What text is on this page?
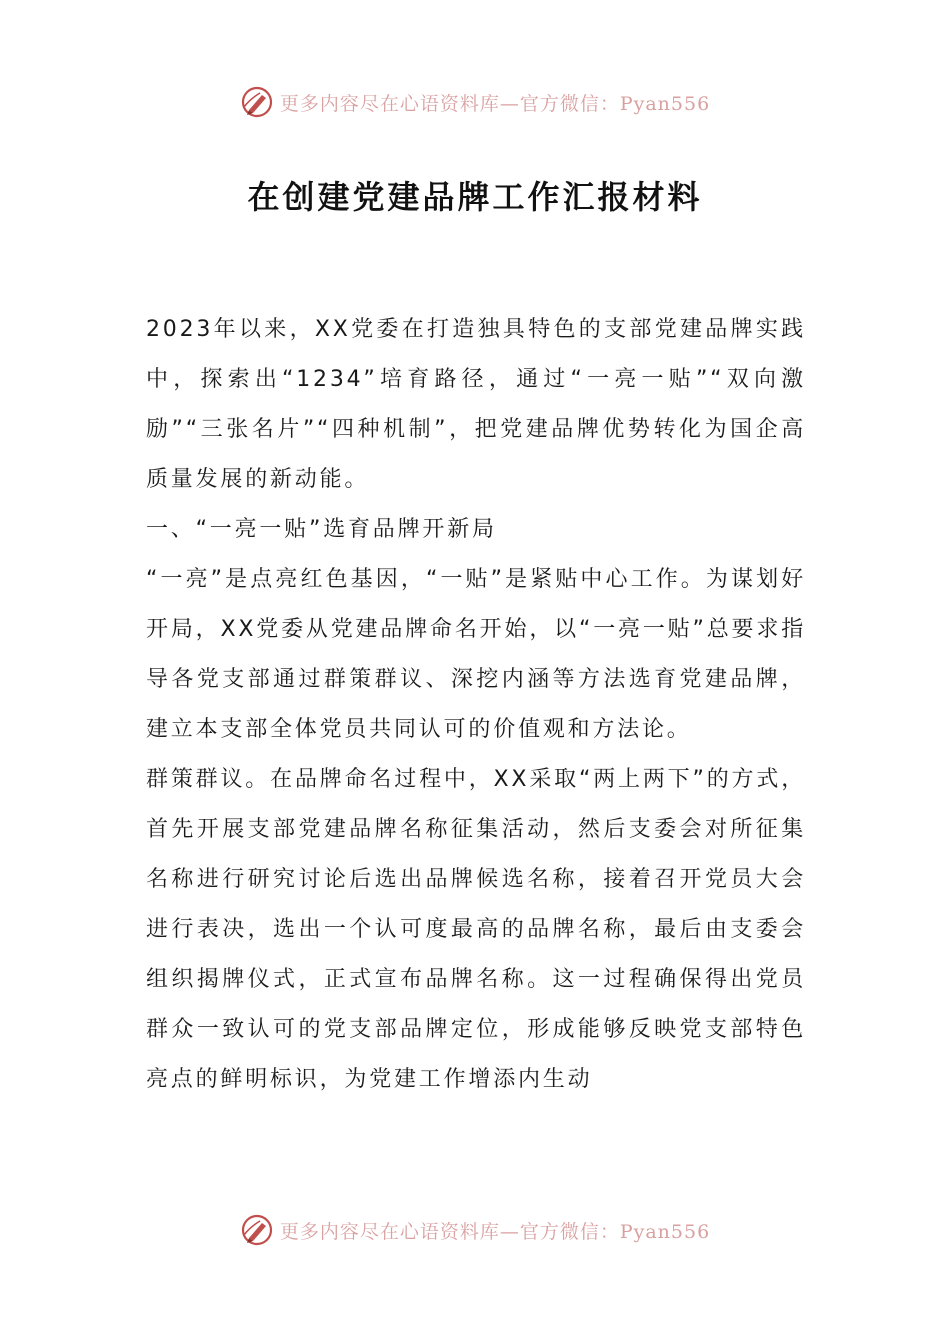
更多内容尽在心语资料库—官方微信：Pyan556
在创建党建品牌工作汇报材料

2023年以来，XX党委在打造独具特色的支部党建品牌实践中，探索出“1234”培育路径，通过“一亮一贴”“双向激励”“三张名片”“四种机制”，把党建品牌优势转化为国企高质量发展的新动能。

一、“一亮一贴”选育品牌开新局

“一亮”是点亮红色基因，“一贴”是紧贴中心工作。为谋划好开局，XX党委从党建品牌命名开始，以“一亮一贴”总要求指导各党支部通过群策群议、深挖内涵等方法选育党建品牌，建立本支部全体党员共同认可的价值观和方法论。

群策群议。在品牌命名过程中，XX采取“两上两下”的方式，首先开展支部党建品牌名称征集活动，然后支委会对所征集名称进行研究讨论后选出品牌候选名称，接着召开党员大会进行表决，选出一个认可度最高的品牌名称，最后由支委会组织揭牌仪式，正式宣布品牌名称。这一过程确保得出党员群众一致认可的党支部品牌定位，形成能够反映党支部特色亮点的鲜明标识，为党建工作增添内生动

更多内容尽在心语资料库—官方微信：Pyan556
